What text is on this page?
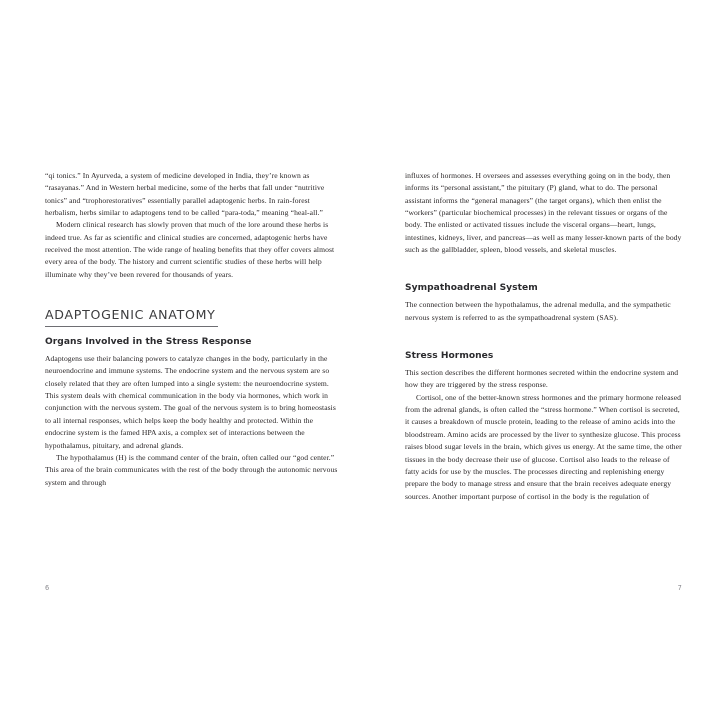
“qi tonics.” In Ayurveda, a system of medicine developed in India, they’re known as “rasayanas.” And in Western herbal medicine, some of the herbs that fall under “nutritive tonics” and “trophorestoratives” essentially parallel adaptogenic herbs. In rain-forest herbalism, herbs similar to adaptogens tend to be called “para-toda,” meaning “heal-all.”

Modern clinical research has slowly proven that much of the lore around these herbs is indeed true. As far as scientific and clinical studies are concerned, adaptogenic herbs have received the most attention. The wide range of healing benefits that they offer covers almost every area of the body. The history and current scientific studies of these herbs will help illuminate why they’ve been revered for thousands of years.

ADAPTOGENIC ANATOMY
Organs Involved in the Stress Response

Adaptogens use their balancing powers to catalyze changes in the body, particularly in the neuroendocrine and immune systems. The endocrine system and the nervous system are so closely related that they are often lumped into a single system: the neuroendocrine system. This system deals with chemical communication in the body via hormones, which work in conjunction with the nervous system. The goal of the nervous system is to bring homeostasis to all internal responses, which helps keep the body healthy and protected. Within the endocrine system is the famed HPA axis, a complex set of interactions between the hypothalamus, pituitary, and adrenal glands.

The hypothalamus (H) is the command center of the brain, often called our “god center.” This area of the brain communicates with the rest of the body through the autonomic nervous system and through

6

influxes of hormones. H oversees and assesses everything going on in the body, then informs its “personal assistant,” the pituitary (P) gland, what to do. The personal assistant informs the “general managers” (the target organs), which then enlist the “workers” (particular biochemical processes) in the relevant tissues or organs of the body. The enlisted or activated tissues include the visceral organs—heart, lungs, intestines, kidneys, liver, and pancreas—as well as many lesser-known parts of the body such as the gallbladder, spleen, blood vessels, and skeletal muscles.

Sympathoadrenal System

The connection between the hypothalamus, the adrenal medulla, and the sympathetic nervous system is referred to as the sympathoadrenal system (SAS).

Stress Hormones

This section describes the different hormones secreted within the endocrine system and how they are triggered by the stress response.

Cortisol, one of the better-known stress hormones and the primary hormone released from the adrenal glands, is often called the “stress hormone.” When cortisol is secreted, it causes a breakdown of muscle protein, leading to the release of amino acids into the bloodstream. Amino acids are processed by the liver to synthesize glucose. This process raises blood sugar levels in the brain, which gives us energy. At the same time, the other tissues in the body decrease their use of glucose. Cortisol also leads to the release of fatty acids for use by the muscles. The processes directing and replenishing energy prepare the body to manage stress and ensure that the brain receives adequate energy sources. Another important purpose of cortisol in the body is the regulation of

7
